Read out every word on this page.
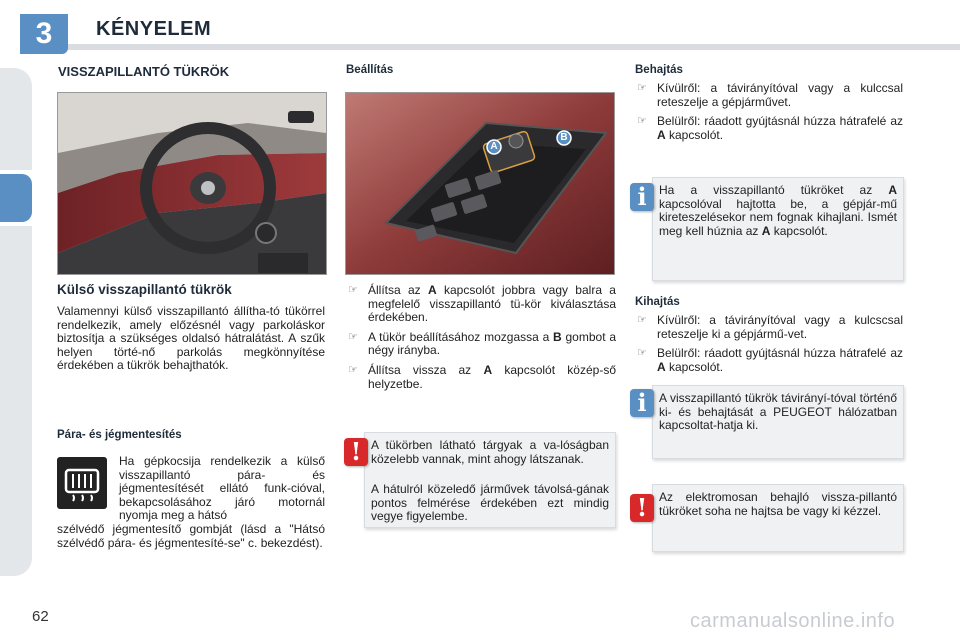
3	KÉNYELEM
VISSZAPILLANTÓ TÜKRÖK
Külső visszapillantó tükrök

Valamennyi külső visszapillantó állítha-tó tükörrel rendelkezik, amely előzésnél vagy parkoláskor biztosítja a szükséges oldalsó hátralátást. A szűk helyen törté-nő parkolás megkönnyítése érdekében a tükrök behajthatók.

Pára- és jégmentesítés

Ha gépkocsija rendelkezik a külső visszapillantó pára- és jégmentesítését ellátó funk-cióval, bekapcsolásához járó motornál nyomja meg a hátsó

szélvédő jégmentesítő gombját (lásd a "Hátsó szélvédő pára- és jégmentesíté-se" c. bekezdést).

Beállítás
A
B
☞ Állítsa az A kapcsolót jobbra vagy balra a megfelelő visszapillantó tü-kör kiválasztása érdekében.
☞ A tükör beállításához mozgassa a B gombot a négy irányba.
☞ Állítsa vissza az A kapcsolót közép-ső helyzetbe.

A tükörben látható tárgyak a va-lóságban közelebb vannak, mint ahogy látszanak.

A hátulról közeledő járművek távolsá-gának pontos felmérése érdekében ezt mindig vegye figyelembe.

!
Behajtás
☞ Kívülről: a távirányítóval vagy a kulccsal reteszelje a gépjárművet.
☞ Belülről: ráadott gyújtásnál húzza hátrafelé az A kapcsolót.

Ha a visszapillantó tükröket az A kapcsolóval hajtotta be, a gépjár-mű kireteszelésekor nem fognak kihajlani. Ismét meg kell húznia az A kapcsolót.

i
Kihajtás
☞ Kívülről: a távirányítóval vagy a kulcscsal reteszelje ki a gépjármű-vet.
☞ Belülről: ráadott gyújtásnál húzza hátrafelé az A kapcsolót.

A visszapillantó tükrök távirányí-tóval történő ki- és behajtását a PEUGEOT hálózatban kapcsoltat-hatja ki.

i

Az elektromosan behajló vissza-pillantó tükröket soha ne hajtsa be vagy ki kézzel.

!
62	carmanualsonline.info
